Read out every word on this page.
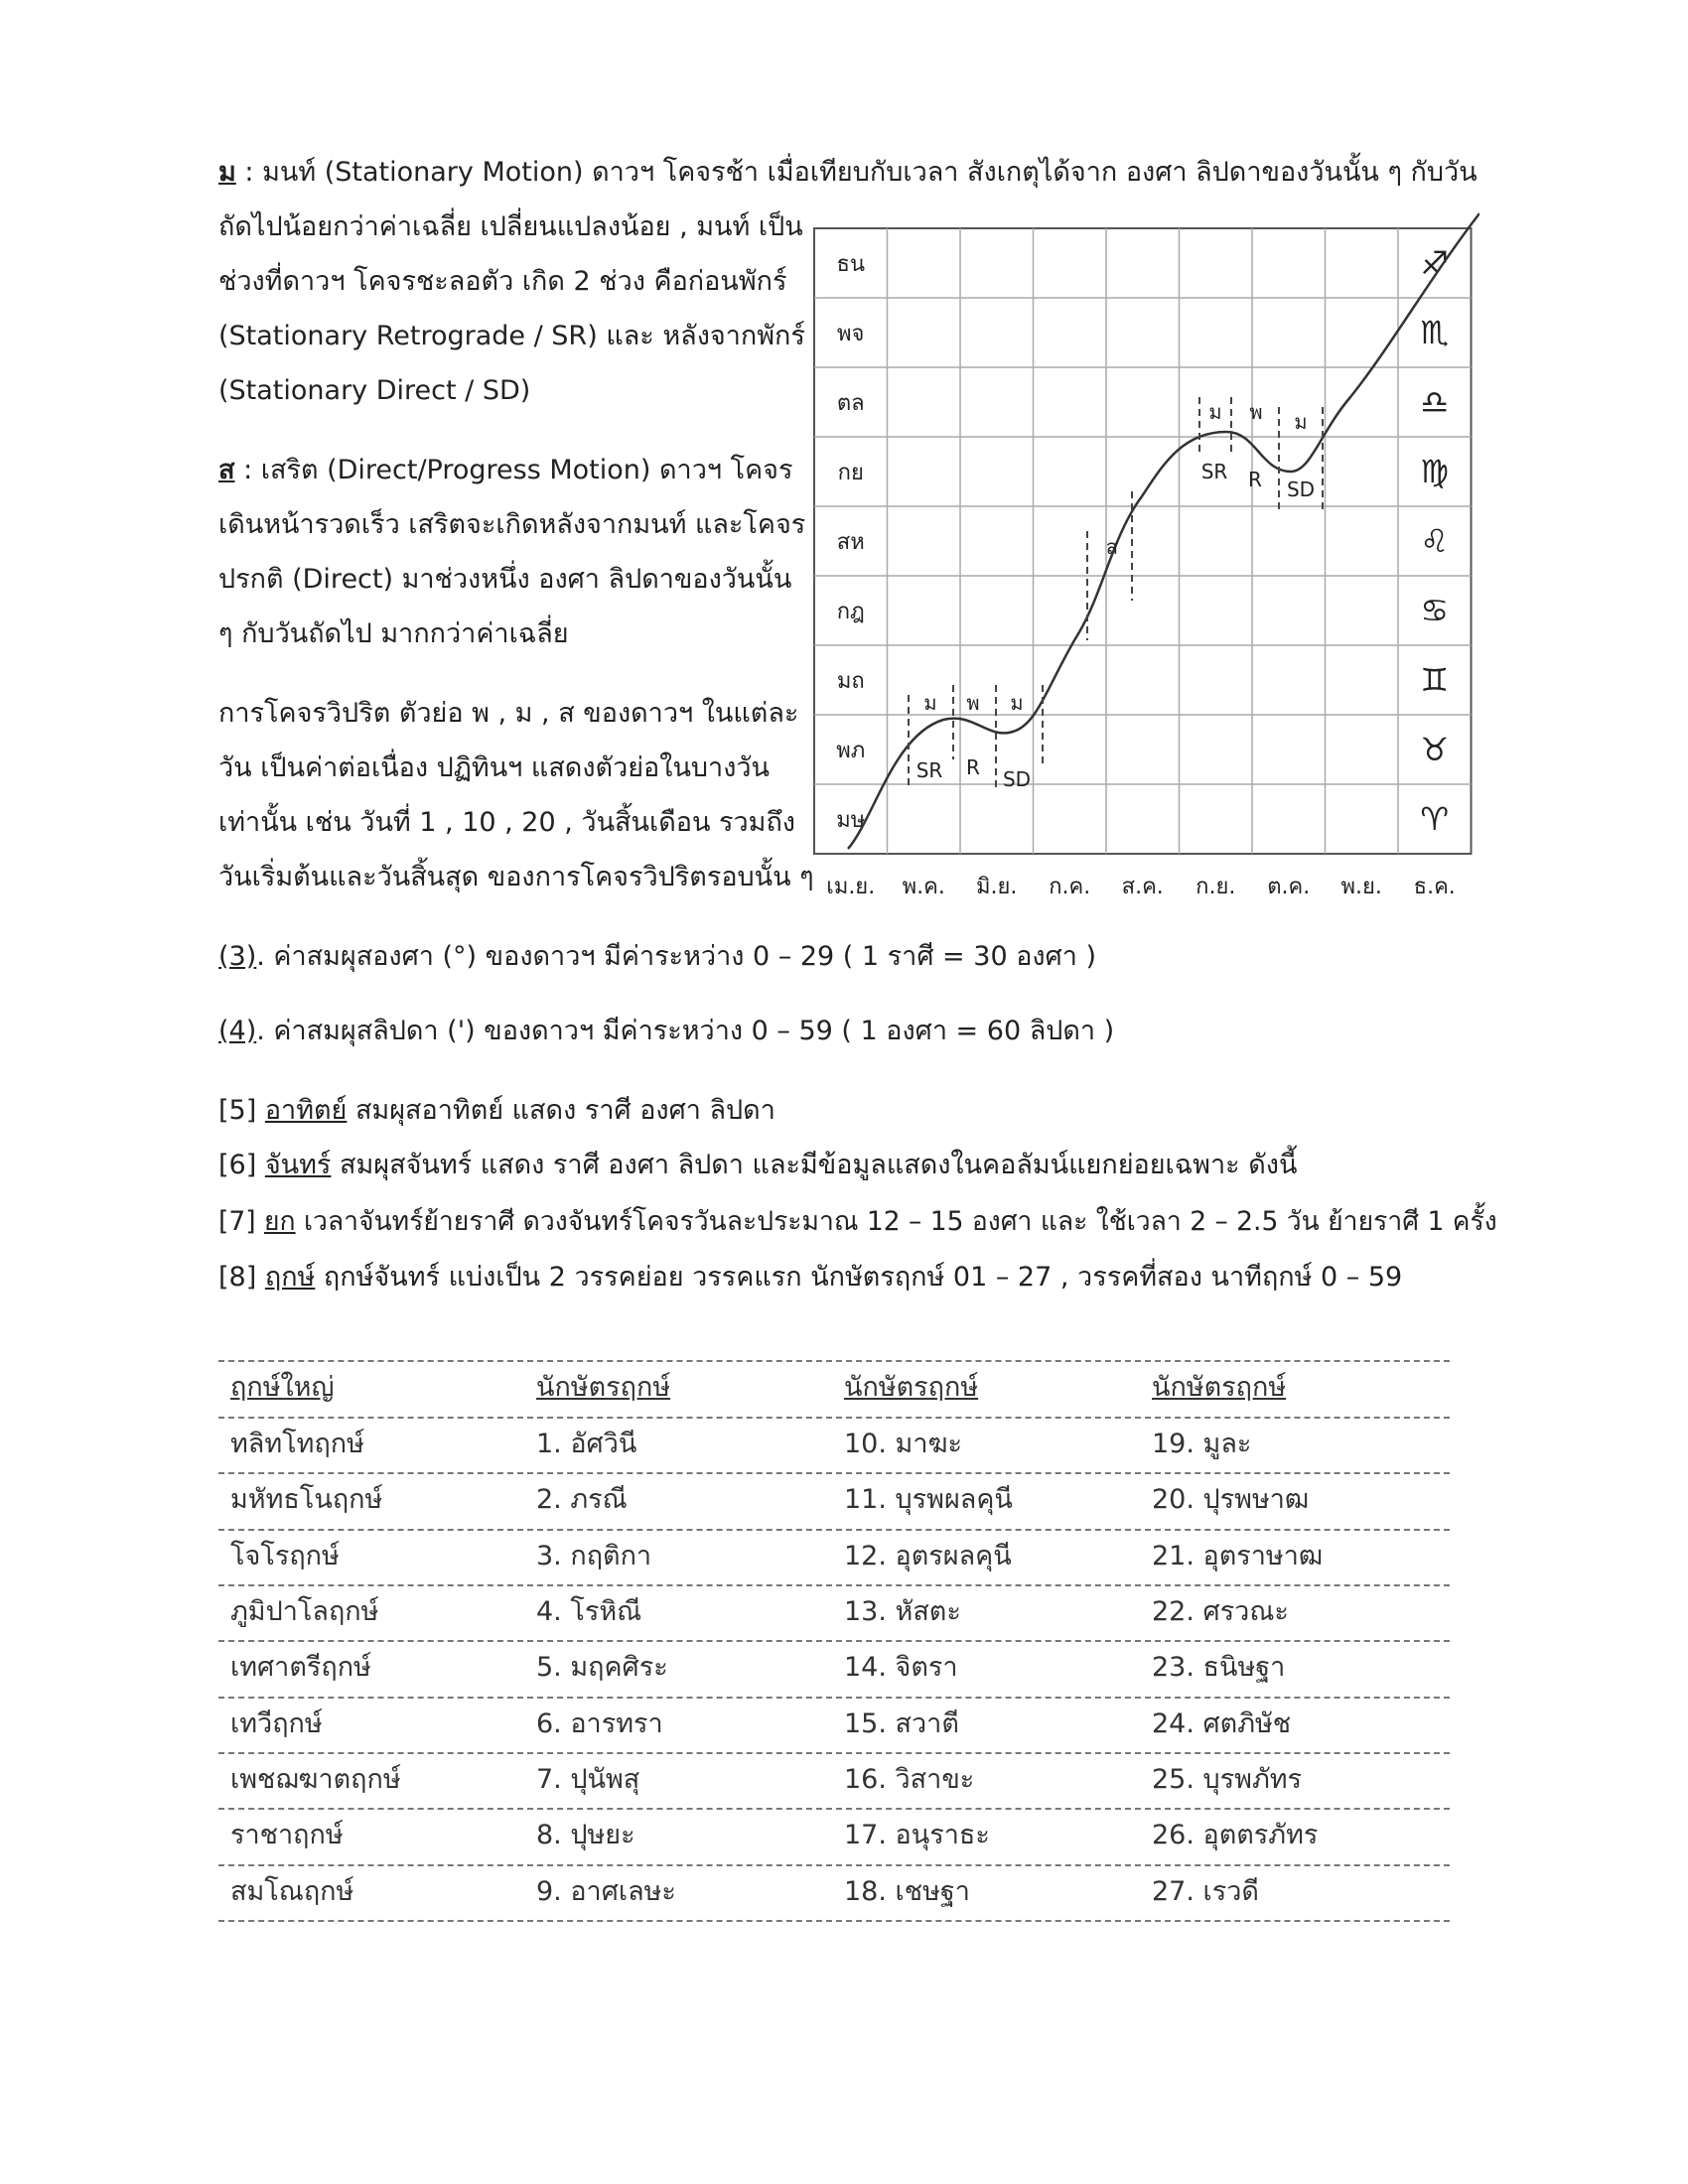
ม : มนท์ (Stationary Motion) ดาวฯ โคจรช้า เมื่อเทียบกับเวลา สังเกตุได้จาก องศา ลิปดาของวันนั้น ๆ กับวัน
ถัดไปน้อยกว่าค่าเฉลี่ย เปลี่ยนแปลงน้อย , มนท์ เป็น
ช่วงที่ดาวฯ โคจรชะลอตัว เกิด 2 ช่วง คือก่อนพักร์
(Stationary Retrograde / SR) และ หลังจากพักร์
(Stationary Direct / SD)
ส : เสริต (Direct/Progress Motion) ดาวฯ โคจร
เดินหน้ารวดเร็ว เสริตจะเกิดหลังจากมนท์ และโคจร
ปรกติ (Direct) มาช่วงหนึ่ง องศา ลิปดาของวันนั้น
ๆ กับวันถัดไป มากกว่าค่าเฉลี่ย
การโคจรวิปริต ตัวย่อ พ , ม , ส ของดาวฯ ในแต่ละ
วัน เป็นค่าต่อเนื่อง ปฏิทินฯ แสดงตัวย่อในบางวัน
เท่านั้น เช่น วันที่ 1 , 10 , 20 , วันสิ้นเดือน รวมถึง
วันเริ่มต้นและวันสิ้นสุด ของการโคจรวิปริตรอบนั้น ๆ
ธน
พจ
ตล
กย
สห
กฎ
มถ
พภ
มษ
♐
♏
♎
♍
♌
♋
♊
♉
♈
เม.ย. พ.ค. มิ.ย. ก.ค. ส.ค. ก.ย. ต.ค. พ.ย. ธ.ค.
ม พ ม
SR R SD
ม พ ม
SR R SD
ส
(3). ค่าสมผุสองศา (°) ของดาวฯ มีค่าระหว่าง 0 – 29 ( 1 ราศี = 30 องศา )
(4). ค่าสมผุสลิปดา (') ของดาวฯ มีค่าระหว่าง 0 – 59 ( 1 องศา = 60 ลิปดา )
[5] อาทิตย์ สมผุสอาทิตย์ แสดง ราศี องศา ลิปดา
[6] จันทร์ สมผุสจันทร์ แสดง ราศี องศา ลิปดา และมีข้อมูลแสดงในคอลัมน์แยกย่อยเฉพาะ ดังนี้
[7] ยก เวลาจันทร์ย้ายราศี ดวงจันทร์โคจรวันละประมาณ 12 – 15 องศา และ ใช้เวลา 2 – 2.5 วัน ย้ายราศี 1 ครั้ง
[8] ฤกษ์ ฤกษ์จันทร์ แบ่งเป็น 2 วรรคย่อย วรรคแรก นักษัตรฤกษ์ 01 – 27 , วรรคที่สอง นาทีฤกษ์ 0 – 59
ฤกษ์ใหญ่	นักษัตรฤกษ์	นักษัตรฤกษ์	นักษัตรฤกษ์
ทลิทโทฤกษ์	1. อัศวินี	10. มาฆะ	19. มูละ
มหัทธโนฤกษ์	2. ภรณี	11. บุรพผลคุนี	20. ปุรพษาฒ
โจโรฤกษ์	3. กฤติกา	12. อุตรผลคุนี	21. อุตราษาฒ
ภูมิปาโลฤกษ์	4. โรหิณี	13. หัสตะ	22. ศรวณะ
เทศาตรีฤกษ์	5. มฤคศิระ	14. จิตรา	23. ธนิษฐา
เทวีฤกษ์	6. อารทรา	15. สวาตี	24. ศตภิษัช
เพชฌฆาตฤกษ์	7. ปุนัพสุ	16. วิสาขะ	25. บุรพภัทร
ราชาฤกษ์	8. ปุษยะ	17. อนุราธะ	26. อุตตรภัทร
สมโณฤกษ์	9. อาศเลษะ	18. เชษฐา	27. เรวดี
